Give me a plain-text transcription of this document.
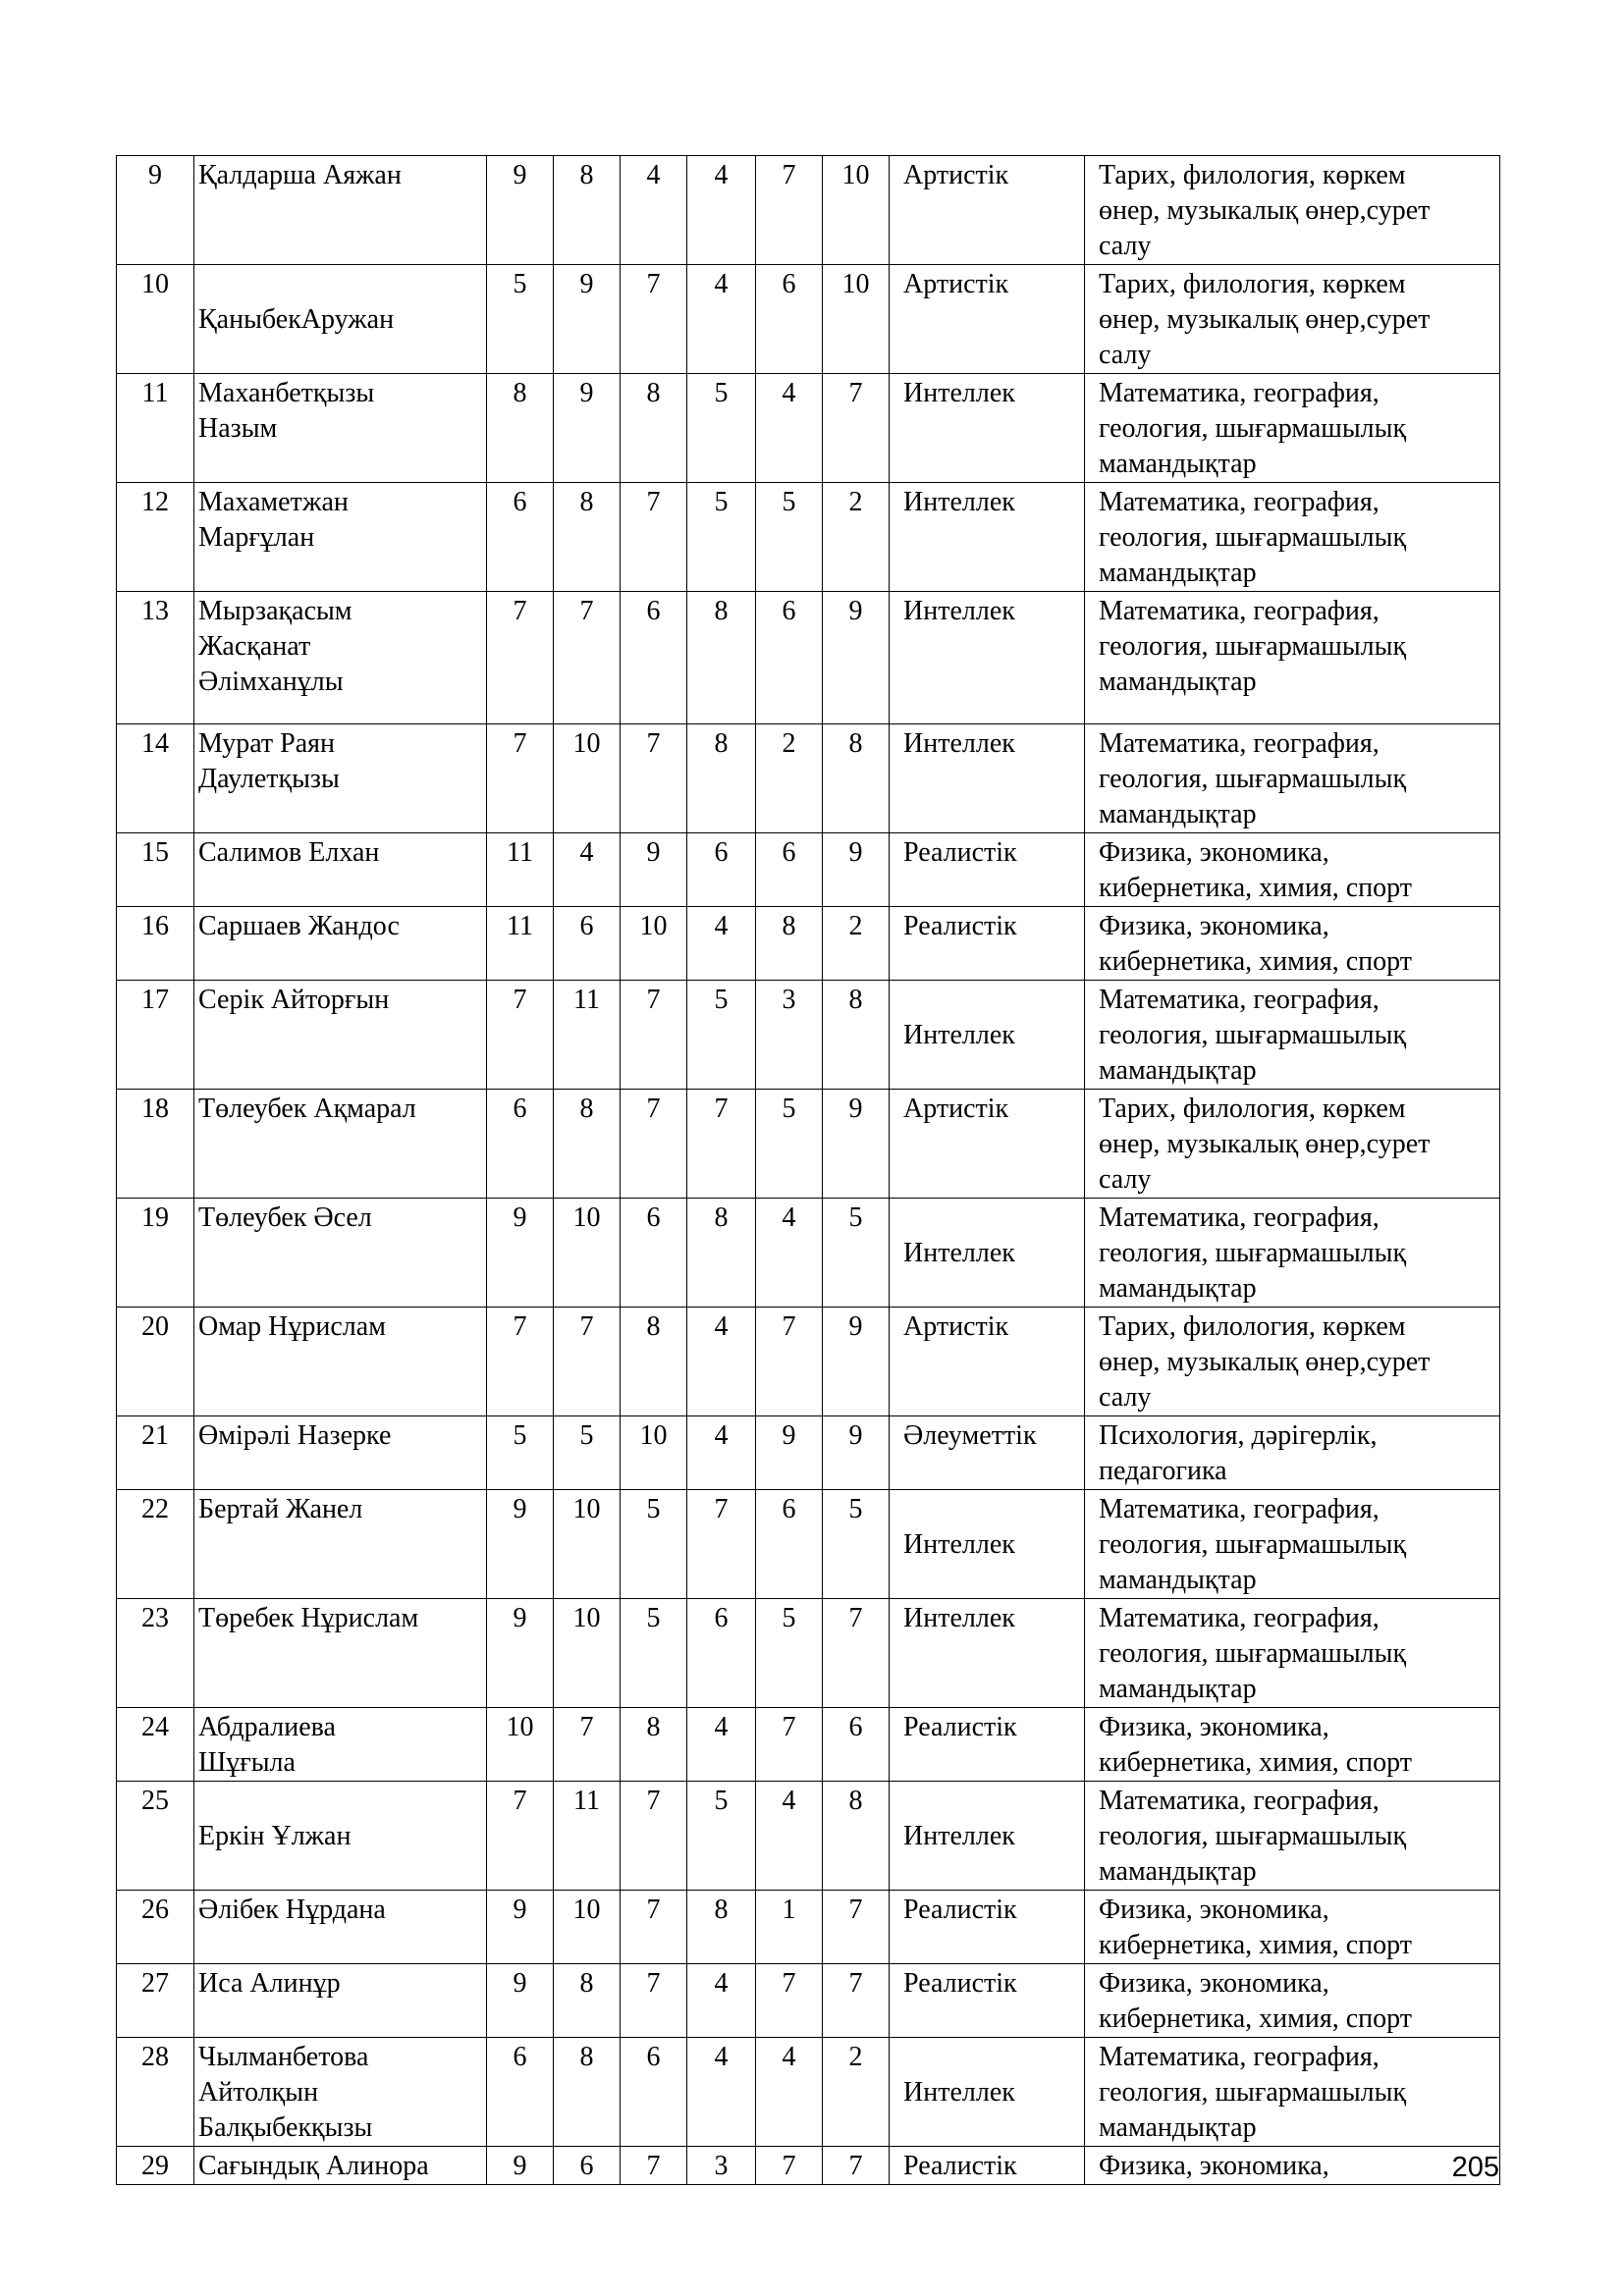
9	Қалдарша Аяжан	9	8	4	4	7	10	Артистік	Тарих, филология, көркем
өнер, музыкалық өнер,сурет
салу

10	
ҚаныбекАружан	5	9	7	4	6	10	Артистік	Тарих, филология, көркем
өнер, музыкалық өнер,сурет
салу

11	Маханбетқызы
Назым	8	9	8	5	4	7	Интеллек	Математика, география,
геология, шығармашылық
мамандықтар

12	Махаметжан
Марғұлан	6	8	7	5	5	2	Интеллек	Математика, география,
геология, шығармашылық
мамандықтар

13	Мырзақасым
Жасқанат
Әлімханұлы	7	7	6	8	6	9	Интеллек	Математика, география,
геология, шығармашылық
мамандықтар

14	Мурат Раян
Даулетқызы	7	10	7	8	2	8	Интеллек	Математика, география,
геология, шығармашылық
мамандықтар

15	Салимов Елхан	11	4	9	6	6	9	Реалистік	Физика, экономика,
кибернетика, химия, спорт

16	Саршаев Жандос	11	6	10	4	8	2	Реалистік	Физика, экономика,
кибернетика, химия, спорт

17	Серік Айторғын	7	11	7	5	3	8	
Интеллек	Математика, география,
геология, шығармашылық
мамандықтар

18	Төлеубек Ақмарал	6	8	7	7	5	9	Артистік	Тарих, филология, көркем
өнер, музыкалық өнер,сурет
салу

19	Төлеубек Әсел	9	10	6	8	4	5	
Интеллек	Математика, география,
геология, шығармашылық
мамандықтар

20	Омар Нұрислам	7	7	8	4	7	9	Артистік	Тарих, филология, көркем
өнер, музыкалық өнер,сурет
салу

21	Өмірәлі Назерке	5	5	10	4	9	9	Әлеуметтік	Психология, дәрігерлік,
педагогика

22	Бертай Жанел	9	10	5	7	6	5	
Интеллек	Математика, география,
геология, шығармашылық
мамандықтар

23	Төребек Нұрислам	9	10	5	6	5	7	Интеллек	Математика, география,
геология, шығармашылық
мамандықтар

24	Абдралиева
Шұғыла	10	7	8	4	7	6	Реалистік	Физика, экономика,
кибернетика, химия, спорт

25	
Еркін Ұлжан	7	11	7	5	4	8	
Интеллек	Математика, география,
геология, шығармашылық
мамандықтар

26	Әлібек Нұрдана	9	10	7	8	1	7	Реалистік	Физика, экономика,
кибернетика, химия, спорт

27	Иса Алинұр	9	8	7	4	7	7	Реалистік	Физика, экономика,
кибернетика, химия, спорт

28	Чылманбетова
Айтолқын
Балқыбекқызы	6	8	6	4	4	2	
Интеллек	Математика, география,
геология, шығармашылық
мамандықтар

29	Сағындық Алинора	9	6	7	3	7	7	Реалистік	Физика, экономика,	205
